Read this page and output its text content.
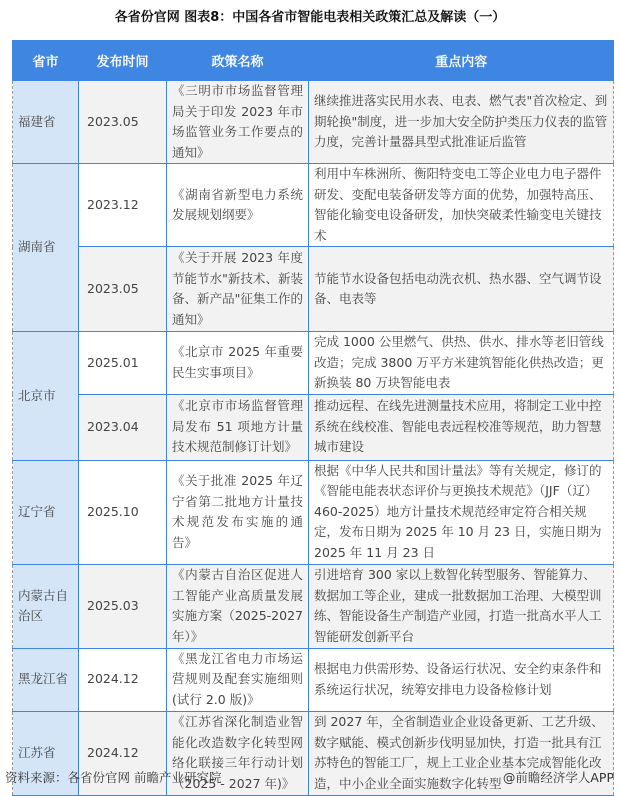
各省份官网 图表8：中国各省市智能电表相关政策汇总及解读（一）
省市	发布时间	政策名称	重点内容
福建省	2023.05	《三明市市场监督管理局关于印发 2023 年市场监管业务工作要点的通知》	继续推进落实民用水表、电表、燃气表"首次检定、到期轮换"制度，进一步加大安全防护类压力仪表的监管力度，完善计量器具型式批准证后监管
湖南省	2023.12	《湖南省新型电力系统发展规划纲要》	利用中车株洲所、衡阳特变电工等企业电力电子器件研发、变配电装备研发等方面的优势，加强特高压、智能化输变电设备研发，加快突破柔性输变电关键技术
	2023.05	《关于开展 2023 年度节能节水"新技术、新装备、新产品"征集工作的通知》	节能节水设备包括电动洗衣机、热水器、空气调节设备、电表等
北京市	2025.01	《北京市 2025 年重要民生实事项目》	完成 1000 公里燃气、供热、供水、排水等老旧管线改造；完成 3800 万平方米建筑智能化供热改造；更新换装 80 万块智能电表
	2023.04	《北京市市场监督管理局发布 51 项地方计量技术规范制修订计划》	推动远程、在线先进测量技术应用，将制定工业中控系统在线校准、智能电表远程校准等规范，助力智慧城市建设
辽宁省	2025.10	《关于批准 2025 年辽宁省第二批地方计量技术规范发布实施的通告》	根据《中华人民共和国计量法》等有关规定，修订的《智能电能表状态评价与更换技术规范》（JJF（辽）460-2025）地方计量技术规范经审定符合相关规定，发布日期为 2025 年 10 月 23 日，实施日期为 2025 年 11 月 23 日
内蒙古自治区	2025.03	《内蒙古自治区促进人工智能产业高质量发展实施方案（2025-2027年）》	引进培育 300 家以上数智化转型服务、智能算力、数据加工等企业，建成一批数据加工治理、大模型训练、智能设备生产制造产业园，打造一批高水平人工智能研发创新平台
黑龙江省	2024.12	《黑龙江省电力市场运营规则及配套实施细则(试行 2.0 版)》	根据电力供需形势、设备运行状况、安全约束条件和系统运行状况，统筹安排电力设备检修计划
江苏省	2024.12	《江苏省深化制造业智能化改造数字化转型网络化联接三年行动计划（2025 - 2027 年)》	到 2027 年，全省制造业企业设备更新、工艺升级、数字赋能、模式创新步伐明显加快，打造一批具有江苏特色的智能工厂，规上工业企业基本完成智能化改造，中小企业全面实施数字化转型
资料来源：各省份官网 前瞻产业研究院	@前瞻经济学人APP
